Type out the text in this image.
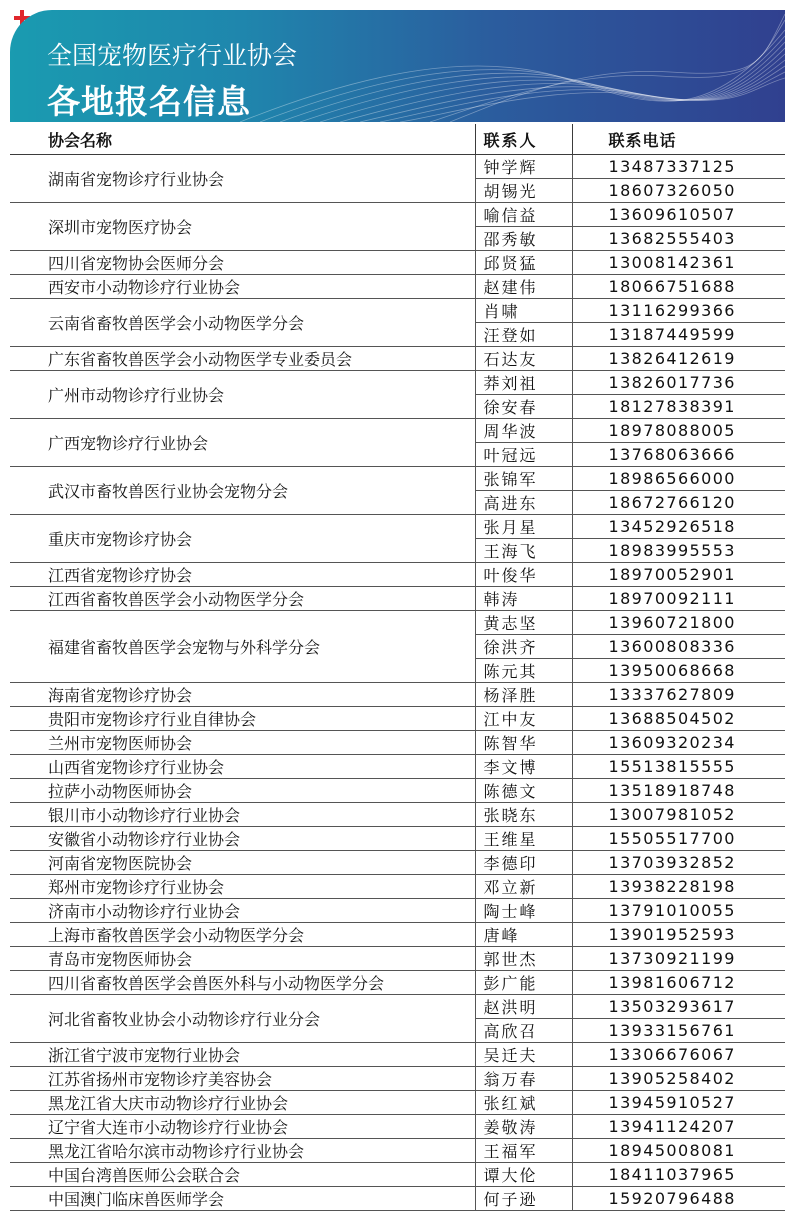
全国宠物医疗行业协会
各地报名信息
协会名称	联系人	联系电话
湖南省宠物诊疗行业协会	钟学辉	13487337125
	胡锡光	18607326050
深圳市宠物医疗协会	喻信益	13609610507
	邵秀敏	13682555403
四川省宠物协会医师分会	邱贤猛	13008142361
西安市小动物诊疗行业协会	赵建伟	18066751688
云南省畜牧兽医学会小动物医学分会	肖啸	13116299366
	汪登如	13187449599
广东省畜牧兽医学会小动物医学专业委员会	石达友	13826412619
广州市动物诊疗行业协会	莽刘祖	13826017736
	徐安春	18127838391
广西宠物诊疗行业协会	周华波	18978088005
	叶冠远	13768063666
武汉市畜牧兽医行业协会宠物分会	张锦军	18986566000
	高进东	18672766120
重庆市宠物诊疗协会	张月星	13452926518
	王海飞	18983995553
江西省宠物诊疗协会	叶俊华	18970052901
江西省畜牧兽医学会小动物医学分会	韩涛	18970092111
福建省畜牧兽医学会宠物与外科学分会	黄志坚	13960721800
	徐洪齐	13600808336
	陈元其	13950068668
海南省宠物诊疗协会	杨泽胜	13337627809
贵阳市宠物诊疗行业自律协会	江中友	13688504502
兰州市宠物医师协会	陈智华	13609320234
山西省宠物诊疗行业协会	李文博	15513815555
拉萨小动物医师协会	陈德文	13518918748
银川市小动物诊疗行业协会	张晓东	13007981052
安徽省小动物诊疗行业协会	王维星	15505517700
河南省宠物医院协会	李德印	13703932852
郑州市宠物诊疗行业协会	邓立新	13938228198
济南市小动物诊疗行业协会	陶士峰	13791010055
上海市畜牧兽医学会小动物医学分会	唐峰	13901952593
青岛市宠物医师协会	郭世杰	13730921199
四川省畜牧兽医学会兽医外科与小动物医学分会	彭广能	13981606712
河北省畜牧业协会小动物诊疗行业分会	赵洪明	13503293617
	高欣召	13933156761
浙江省宁波市宠物行业协会	吴迁夫	13306676067
江苏省扬州市宠物诊疗美容协会	翁万春	13905258402
黑龙江省大庆市动物诊疗行业协会	张红斌	13945910527
辽宁省大连市小动物诊疗行业协会	姜敬涛	13941124207
黑龙江省哈尔滨市动物诊疗行业协会	王福军	18945008081
中国台湾兽医师公会联合会	谭大伦	18411037965
中国澳门临床兽医师学会	何子逊	15920796488
